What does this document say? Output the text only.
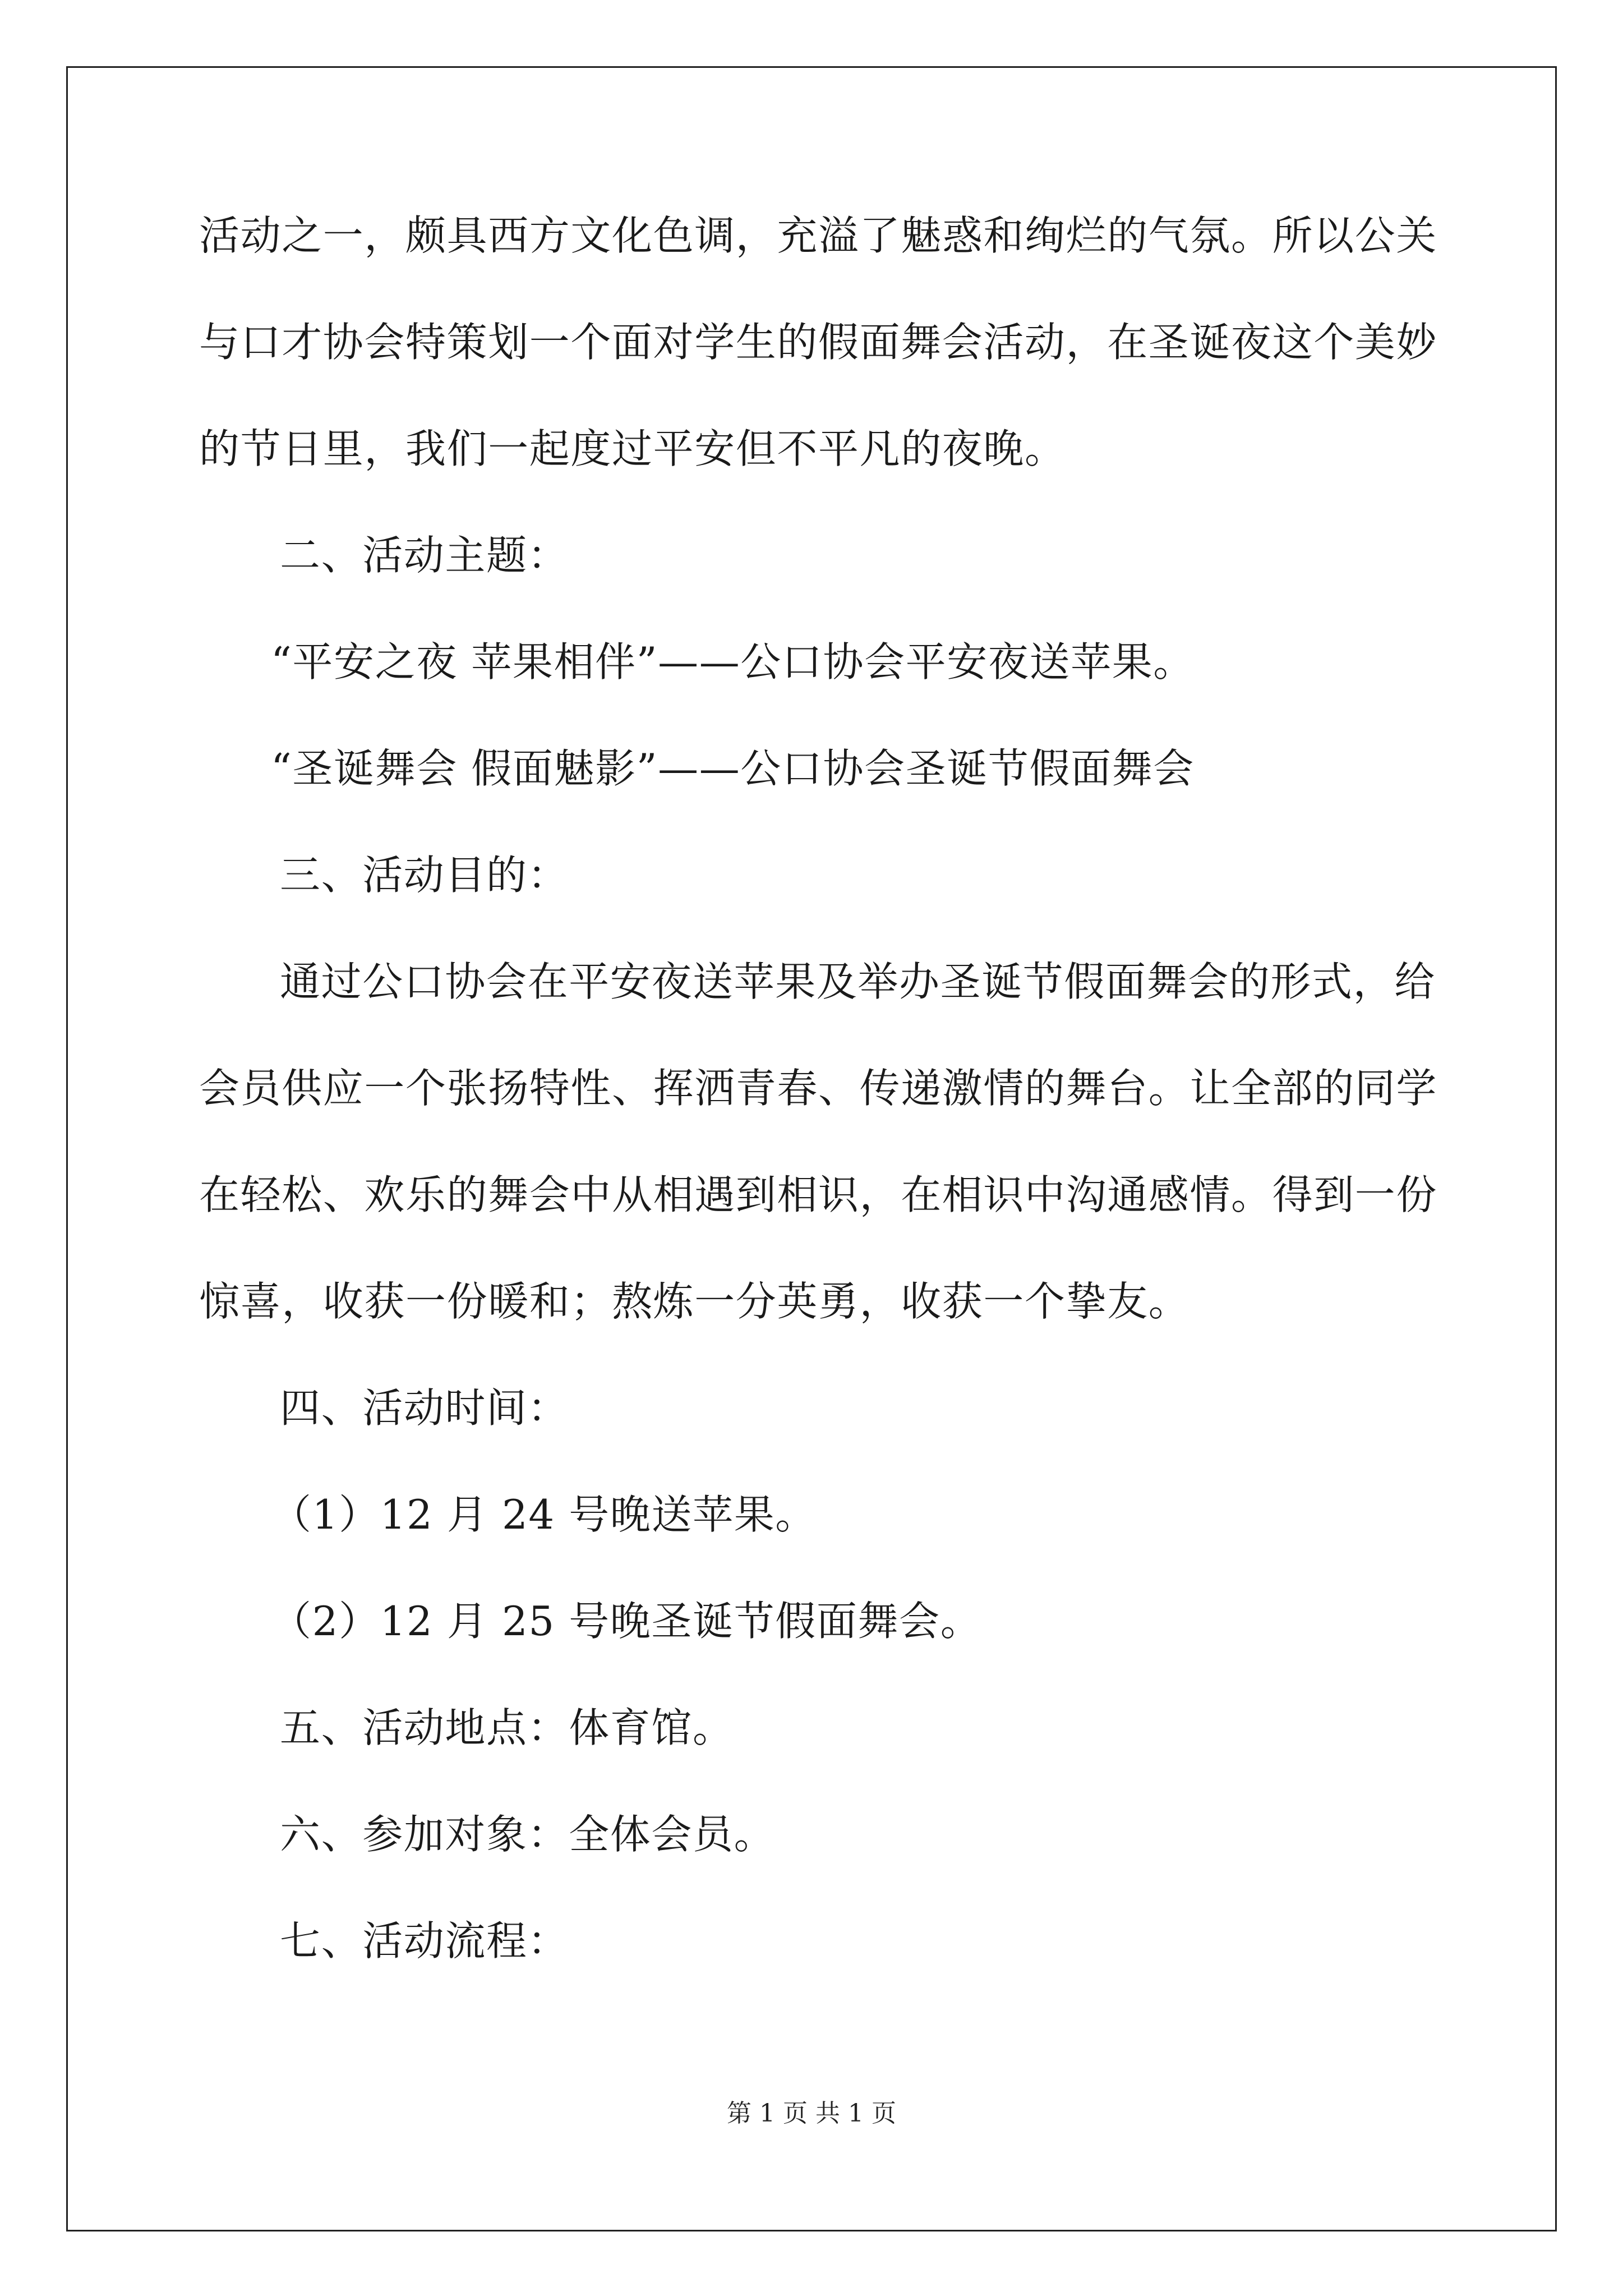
活动之一，颇具西方文化色调，充溢了魅惑和绚烂的气氛。所以公关
与口才协会特策划一个面对学生的假面舞会活动，在圣诞夜这个美妙
的节日里，我们一起度过平安但不平凡的夜晚。
二、活动主题：
“平安之夜 苹果相伴”——公口协会平安夜送苹果。
“圣诞舞会 假面魅影”——公口协会圣诞节假面舞会
三、活动目的：
通过公口协会在平安夜送苹果及举办圣诞节假面舞会的形式，给
会员供应一个张扬特性、挥洒青春、传递激情的舞台。让全部的同学
在轻松、欢乐的舞会中从相遇到相识，在相识中沟通感情。得到一份
惊喜，收获一份暖和；熬炼一分英勇，收获一个挚友。
四、活动时间：
（1）12 月 24 号晚送苹果。
（2）12 月 25 号晚圣诞节假面舞会。
五、活动地点：体育馆。
六、参加对象：全体会员。
七、活动流程：
第 1 页 共 1 页
